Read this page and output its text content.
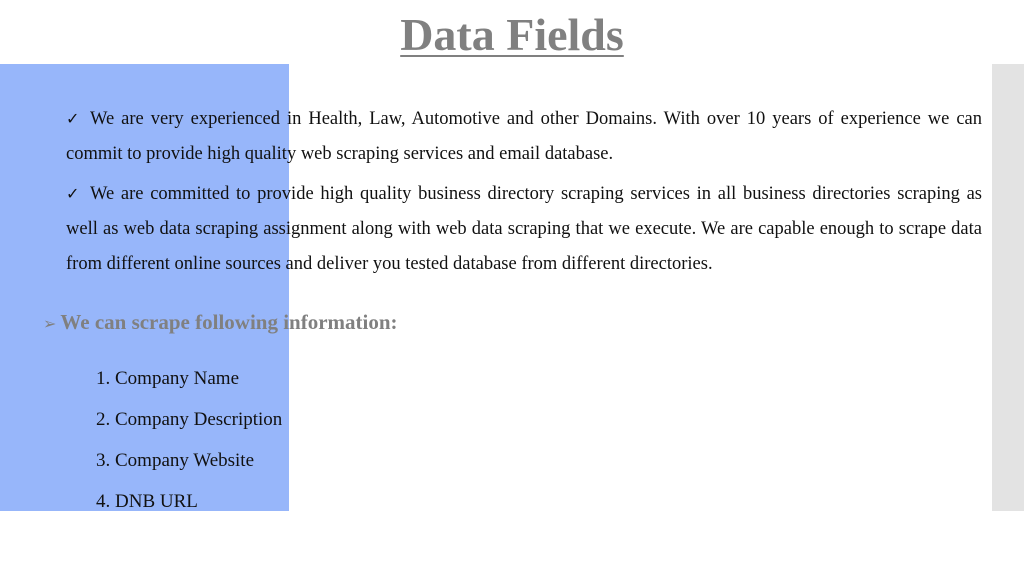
Data Fields

✓ We are very experienced in Health, Law, Automotive and other Domains. With over 10 years of experience we can commit to provide high quality web scraping services and email database.

✓ We are committed to provide high quality business directory scraping services in all business directories scraping as well as web data scraping assignment along with web data scraping that we execute. We are capable enough to scrape data from different online sources and deliver you tested database from different directories.

➢ We can scrape following information:
1. Company Name
2. Company Description
3. Company Website
4. DNB URL
